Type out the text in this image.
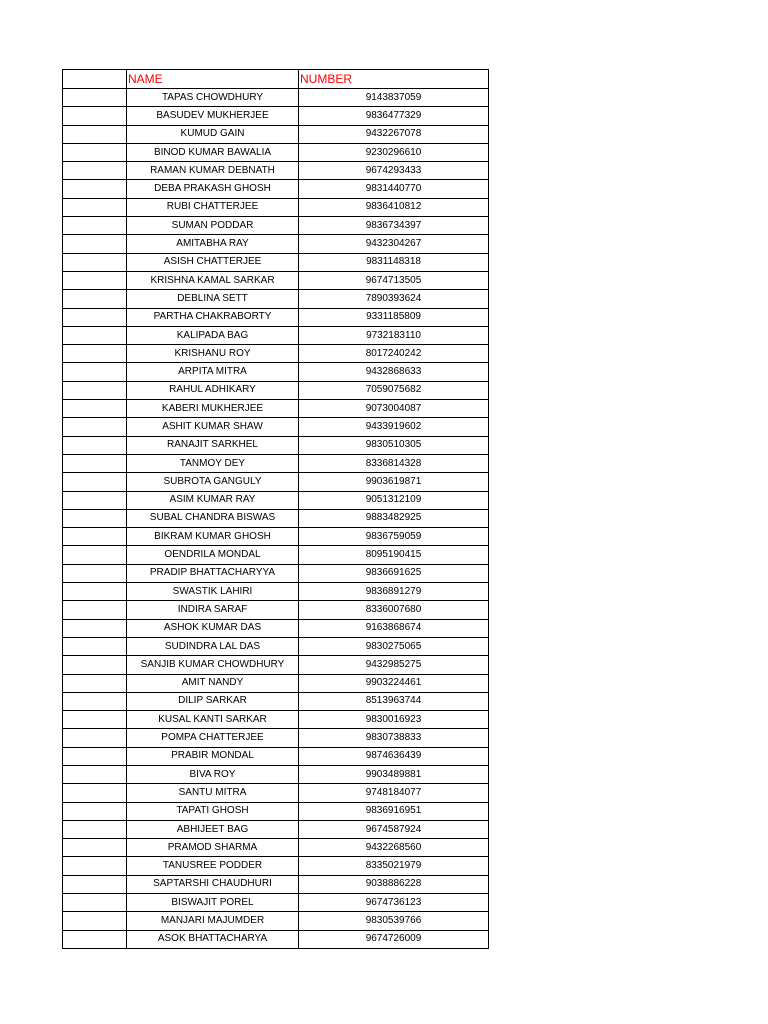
	NAME	NUMBER
	TAPAS CHOWDHURY	9143837059
	BASUDEV MUKHERJEE	9836477329
	KUMUD GAIN	9432267078
	BINOD KUMAR BAWALIA	9230296610
	RAMAN KUMAR DEBNATH	9674293433
	DEBA PRAKASH GHOSH	9831440770
	RUBI CHATTERJEE	9836410812
	SUMAN PODDAR	9836734397
	AMITABHA RAY	9432304267
	ASISH CHATTERJEE	9831148318
	KRISHNA KAMAL SARKAR	9674713505
	DEBLINA SETT	7890393624
	PARTHA CHAKRABORTY	9331185809
	KALIPADA BAG	9732183110
	KRISHANU ROY	8017240242
	ARPITA MITRA	9432868633
	RAHUL ADHIKARY	7059075682
	KABERI MUKHERJEE	9073004087
	ASHIT KUMAR SHAW	9433919602
	RANAJIT SARKHEL	9830510305
	TANMOY DEY	8336814328
	SUBROTA GANGULY	9903619871
	ASIM KUMAR RAY	9051312109
	SUBAL CHANDRA BISWAS	9883482925
	BIKRAM KUMAR GHOSH	9836759059
	OENDRILA MONDAL	8095190415
	PRADIP BHATTACHARYYA	9836691625
	SWASTIK LAHIRI	9836891279
	INDIRA SARAF	8336007680
	ASHOK KUMAR DAS	9163868674
	SUDINDRA LAL DAS	9830275065
	SANJIB KUMAR CHOWDHURY	9432985275
	AMIT NANDY	9903224461
	DILIP SARKAR	8513963744
	KUSAL KANTI SARKAR	9830016923
	POMPA CHATTERJEE	9830738833
	PRABIR MONDAL	9874636439
	BIVA ROY	9903489881
	SANTU MITRA	9748184077
	TAPATI GHOSH	9836916951
	ABHIJEET BAG	9674587924
	PRAMOD SHARMA	9432268560
	TANUSREE PODDER	8335021979
	SAPTARSHI CHAUDHURI	9038886228
	BISWAJIT POREL	9674736123
	MANJARI MAJUMDER	9830539766
	ASOK BHATTACHARYA	9674726009
